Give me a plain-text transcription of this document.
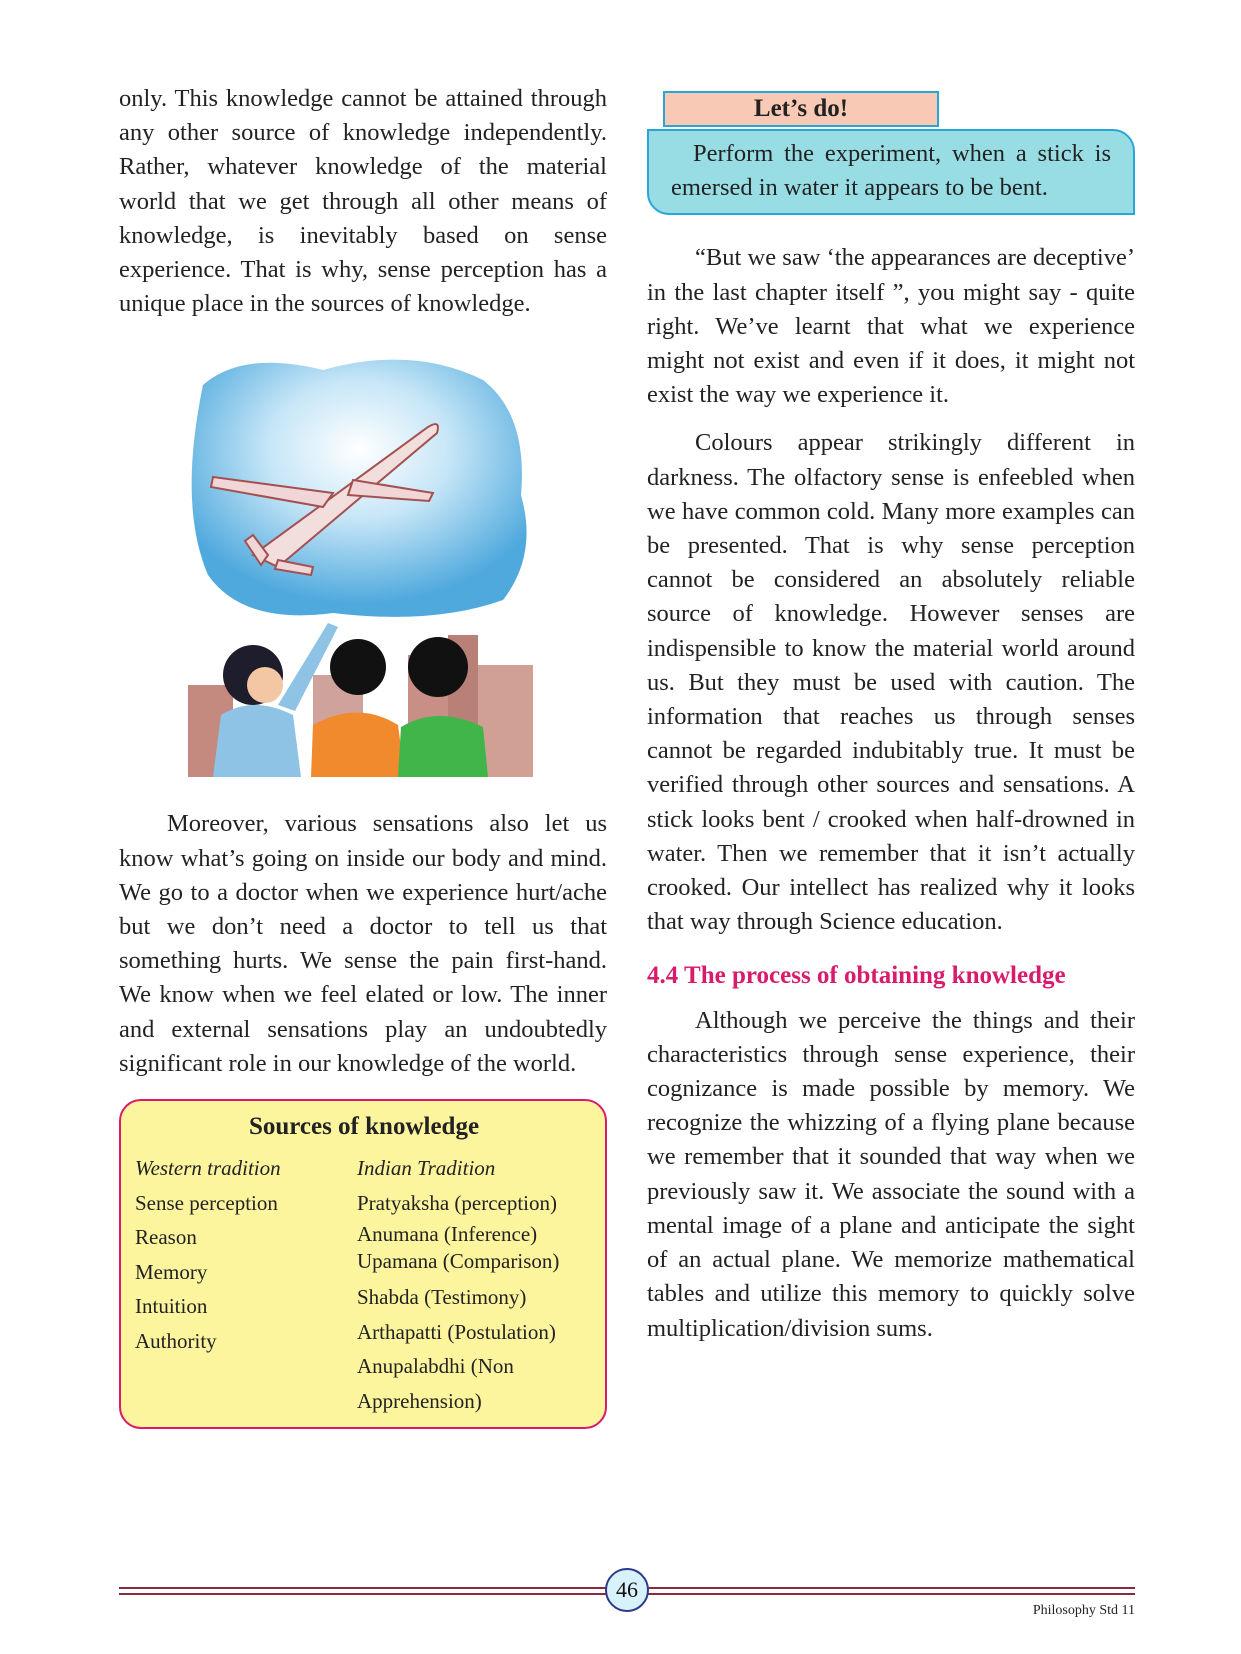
only. This knowledge cannot be attained through any other source of knowledge independently. Rather, whatever knowledge of the material world that we get through all other means of knowledge, is inevitably based on sense experience. That is why, sense perception has a unique place in the sources of knowledge.

Moreover, various sensations also let us know what’s going on inside our body and mind. We go to a doctor when we experience hurt/ache but we don’t need a doctor to tell us that something hurts. We sense the pain first-hand. We know when we feel elated or low. The inner and external sensations play an undoubtedly significant role in our knowledge of the world.

Sources of knowledge
Western tradition
Sense perception
Reason
Memory
Intuition
Authority
Indian Tradition
Pratyaksha (perception)
Anumana (Inference)
Upamana (Comparison)
Shabda (Testimony)
Arthapatti (Postulation)
Anupalabdhi (Non
Apprehension)
Let’s do!

Perform the experiment, when a stick is emersed in water it appears to be bent.

“But we saw ‘the appearances are deceptive’ in the last chapter itself ”, you might say - quite right. We’ve learnt that what we experience might not exist and even if it does, it might not exist the way we experience it.

Colours appear strikingly different in darkness. The olfactory sense is enfeebled when we have common cold. Many more examples can be presented. That is why sense perception cannot be considered an absolutely reliable source of knowledge. However senses are indispensible to know the material world around us. But they must be used with caution. The information that reaches us through senses cannot be regarded indubitably true. It must be verified through other sources and sensations. A stick looks bent / crooked when half-drowned in water. Then we remember that it isn’t actually crooked. Our intellect has realized why it looks that way through Science education.

4.4 The process of obtaining knowledge

Although we perceive the things and their characteristics through sense experience, their cognizance is made possible by memory. We recognize the whizzing of a flying plane because we remember that it sounded that way when we previously saw it. We associate the sound with a mental image of a plane and anticipate the sight of an actual plane. We memorize mathematical tables and utilize this memory to quickly solve multiplication/division sums.

46
Philosophy Std 11
